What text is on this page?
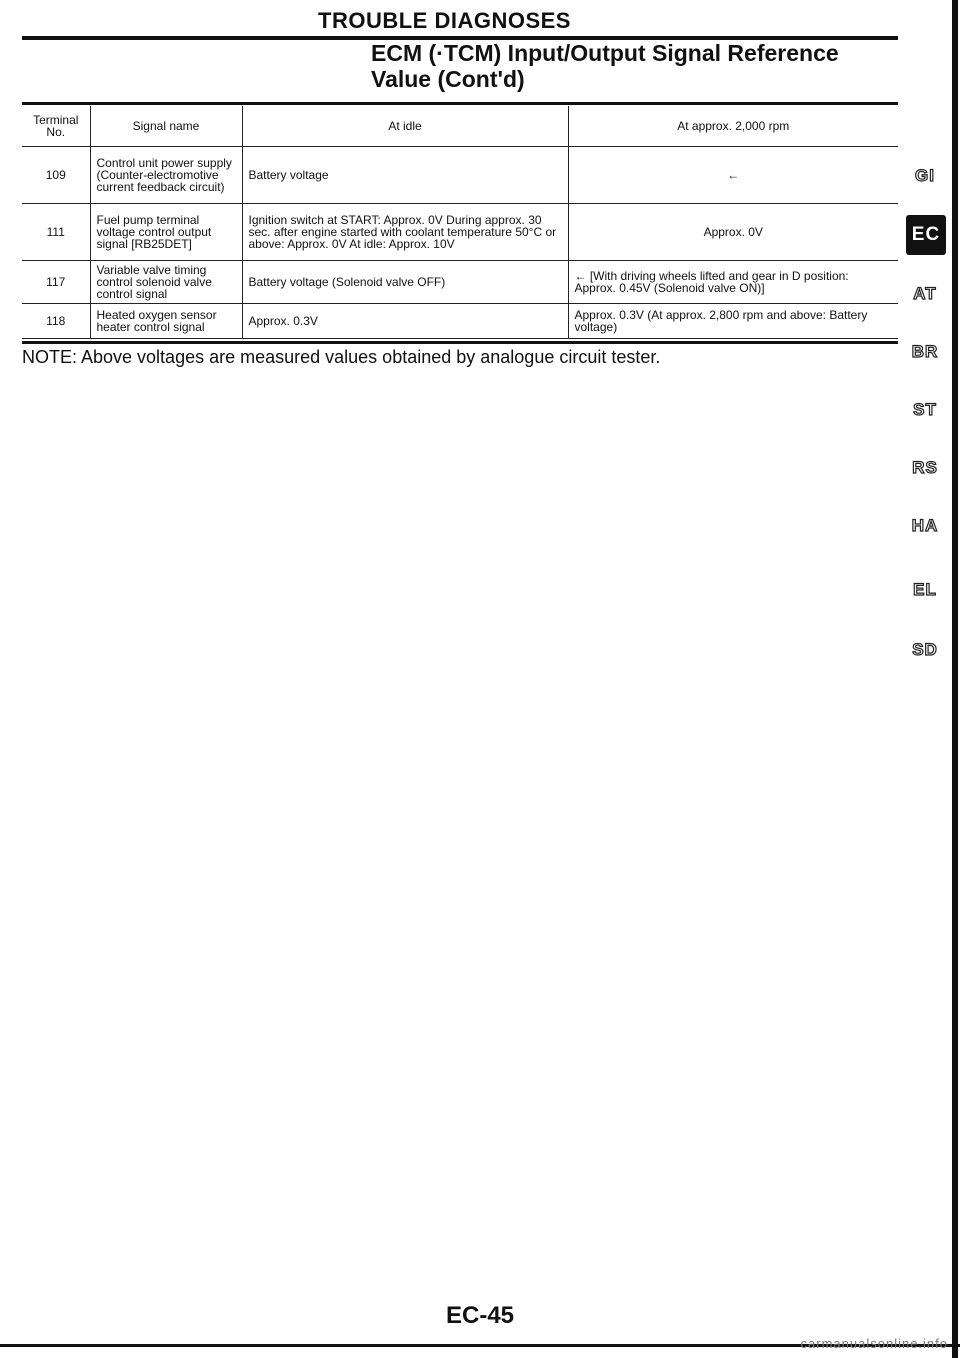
TROUBLE DIAGNOSES
ECM (·TCM) Input/Output Signal Reference
Value (Cont'd)
Terminal No.	Signal name	At idle	At approx. 2,000 rpm
109	Control unit power supply (Counter-electromotive current feedback circuit)	Battery voltage	←
111	Fuel pump terminal voltage control output signal [RB25DET]	Ignition switch at START: Approx. 0V During approx. 30 sec. after engine started with coolant temperature 50°C or above: Approx. 0V At idle: Approx. 10V	Approx. 0V
117	Variable valve timing control solenoid valve control signal	Battery voltage (Solenoid valve OFF)	← [With driving wheels lifted and gear in D position: Approx. 0.45V (Solenoid valve ON)]
118	Heated oxygen sensor heater control signal	Approx. 0.3V	Approx. 0.3V (At approx. 2,800 rpm and above: Battery voltage)
NOTE: Above voltages are measured values obtained by analogue circuit tester.
GI
EC
AT
BR
ST
RS
HA
EL
SD
EC-45
carmanualsonline.info
